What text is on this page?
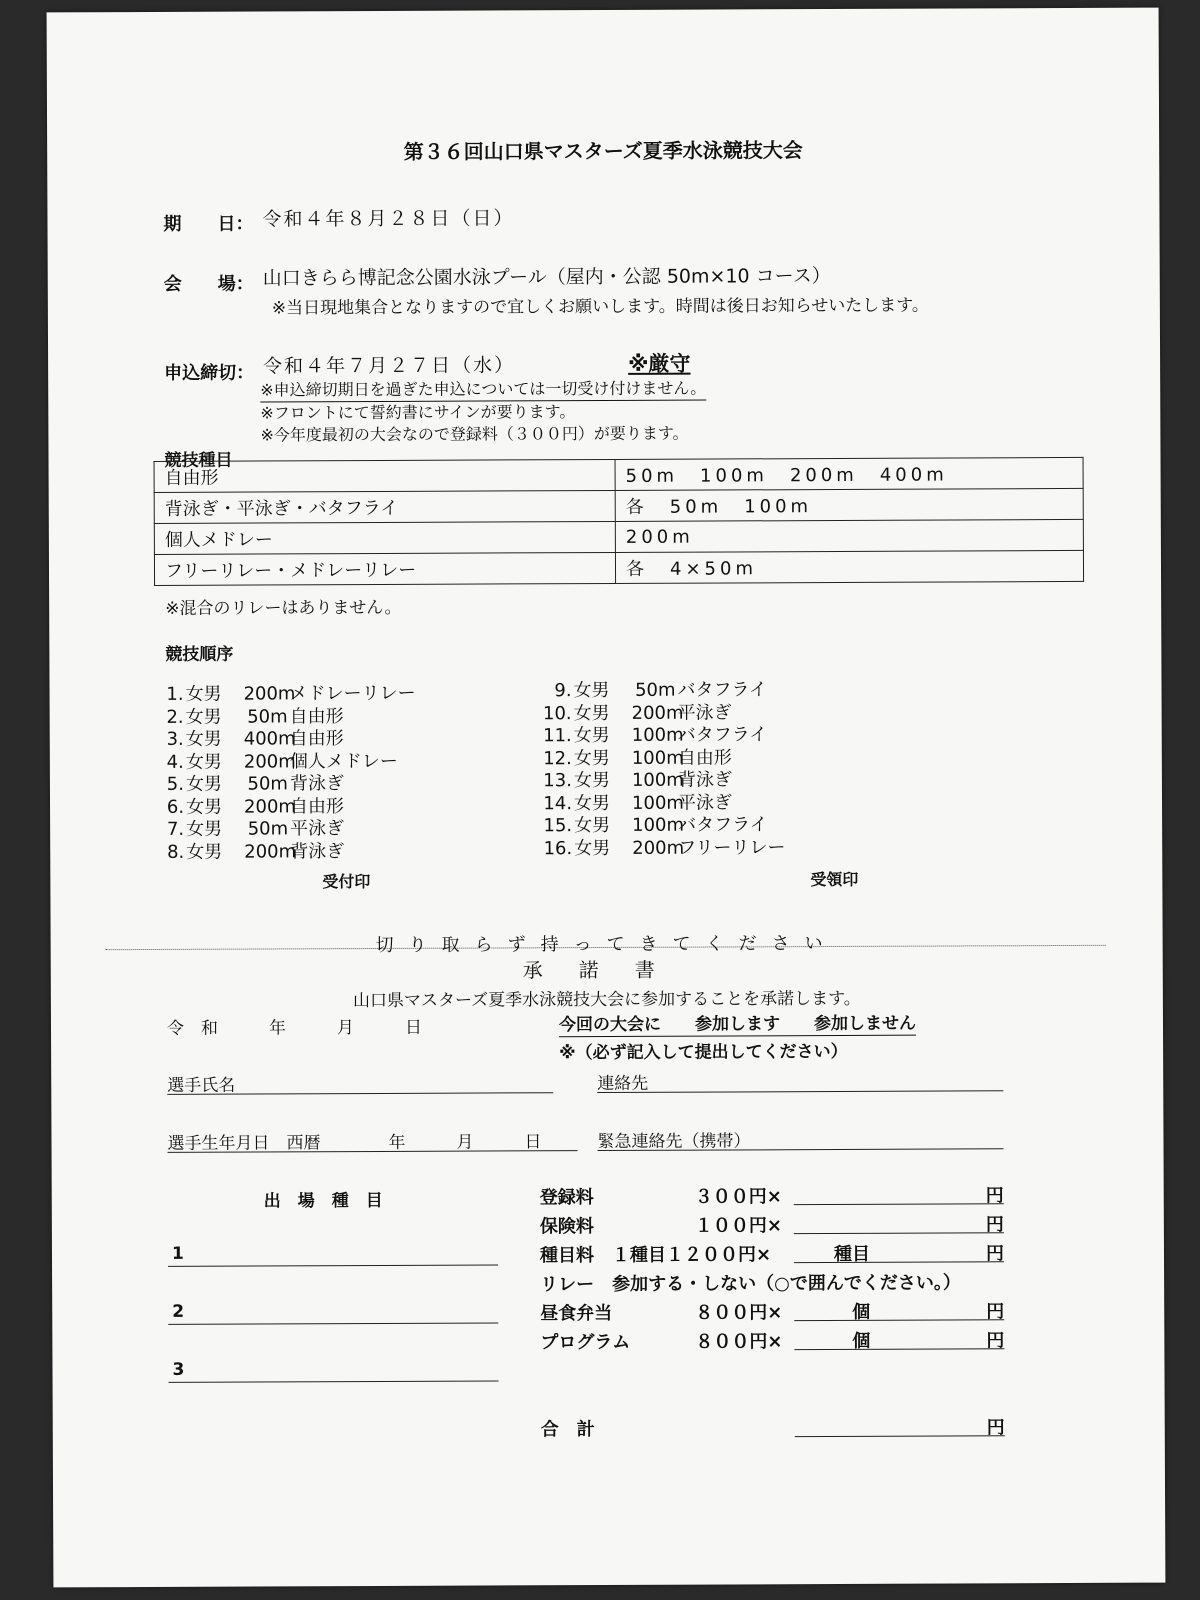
第３６回山口県マスターズ夏季水泳競技大会
期　　日： 令和４年８月２８日（日）
会　　場： 山口きらら博記念公園水泳プール（屋内・公認 50m×10 コース）
※当日現地集合となりますので宜しくお願いします。時間は後日お知らせいたします。
申込締切： 令和４年７月２７日（水）	※厳守
※申込締切期日を過ぎた申込については一切受け付けません。
※フロントにて誓約書にサインが要ります。
※今年度最初の大会なので登録料（３００円）が要ります。
競技種目
自由形	50m　100m　200m　400m
背泳ぎ・平泳ぎ・バタフライ	各　50m　100m
個人メドレー	200m
フリーリレー・メドレーリレー	各　4×50m
※混合のリレーはありません。
競技順序
1. 女男 200mメドレーリレー
2. 女男 50m 自由形
3. 女男 400m自由形
4. 女男 200m個人メドレー
5. 女男 50m 背泳ぎ
6. 女男 200m自由形
7. 女男 50m 平泳ぎ
8. 女男 200m背泳ぎ
9. 女男 50m バタフライ
10. 女男 200m平泳ぎ
11. 女男 100mバタフライ
12. 女男 100m自由形
13. 女男 100m背泳ぎ
14. 女男 100m平泳ぎ
15. 女男 100mバタフライ
16. 女男 200mフリーリレー
受付印	受領印
切り取らず持ってきてください
承諾書
山口県マスターズ夏季水泳競技大会に参加することを承諾します。
令　和　　　年　　　月　　　日	今回の大会に　　参加します　　参加しません
※（必ず記入して提出してください）
選手氏名	連絡先
選手生年月日　西暦　　　　年　　　月　　　日	緊急連絡先（携帯）
出　場　種　目
1
2
3
登録料	３００円×	円
保険料	１００円×	円
種目料　１種目１２００円×	種目	円
リレー　参加する・しない（○で囲んでください。）
昼食弁当	８００円×	個	円
プログラム	８００円×	個	円
合　計	円
